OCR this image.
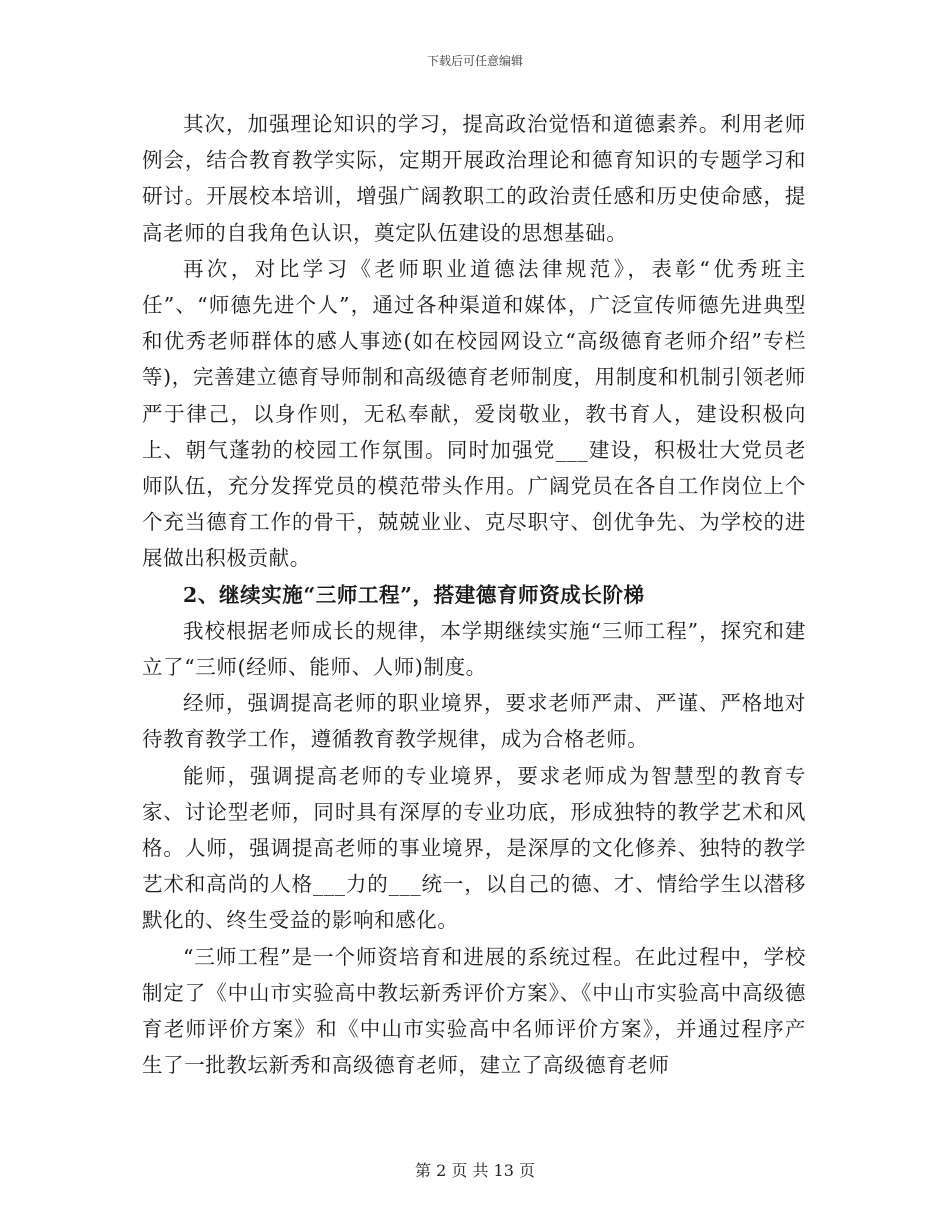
下载后可任意编辑

其次，加强理论知识的学习，提高政治觉悟和道德素养。利用老师例会，结合教育教学实际，定期开展政治理论和德育知识的专题学习和研讨。开展校本培训，增强广阔教职工的政治责任感和历史使命感，提高老师的自我角色认识，奠定队伍建设的思想基础。

再次，对比学习《老师职业道德法律规范》，表彰“优秀班主任”、“师德先进个人”，通过各种渠道和媒体，广泛宣传师德先进典型和优秀老师群体的感人事迹(如在校园网设立“高级德育老师介绍”专栏等)，完善建立德育导师制和高级德育老师制度，用制度和机制引领老师严于律己，以身作则，无私奉献，爱岗敬业，教书育人，建设积极向上、朝气蓬勃的校园工作氛围。同时加强党___建设，积极壮大党员老师队伍，充分发挥党员的模范带头作用。广阔党员在各自工作岗位上个个充当德育工作的骨干，兢兢业业、克尽职守、创优争先、为学校的进展做出积极贡献。

2、继续实施“三师工程”，搭建德育师资成长阶梯

我校根据老师成长的规律，本学期继续实施“三师工程”，探究和建立了“三师(经师、能师、人师)制度。

经师，强调提高老师的职业境界，要求老师严肃、严谨、严格地对待教育教学工作，遵循教育教学规律，成为合格老师。

能师，强调提高老师的专业境界，要求老师成为智慧型的教育专家、讨论型老师，同时具有深厚的专业功底，形成独特的教学艺术和风格。人师，强调提高老师的事业境界，是深厚的文化修养、独特的教学艺术和高尚的人格___力的___统一，以自己的德、才、情给学生以潜移默化的、终生受益的影响和感化。

“三师工程”是一个师资培育和进展的系统过程。在此过程中，学校制定了《中山市实验高中教坛新秀评价方案》、《中山市实验高中高级德育老师评价方案》和《中山市实验高中名师评价方案》，并通过程序产生了一批教坛新秀和高级德育老师，建立了高级德育老师

第 2 页 共 13 页
